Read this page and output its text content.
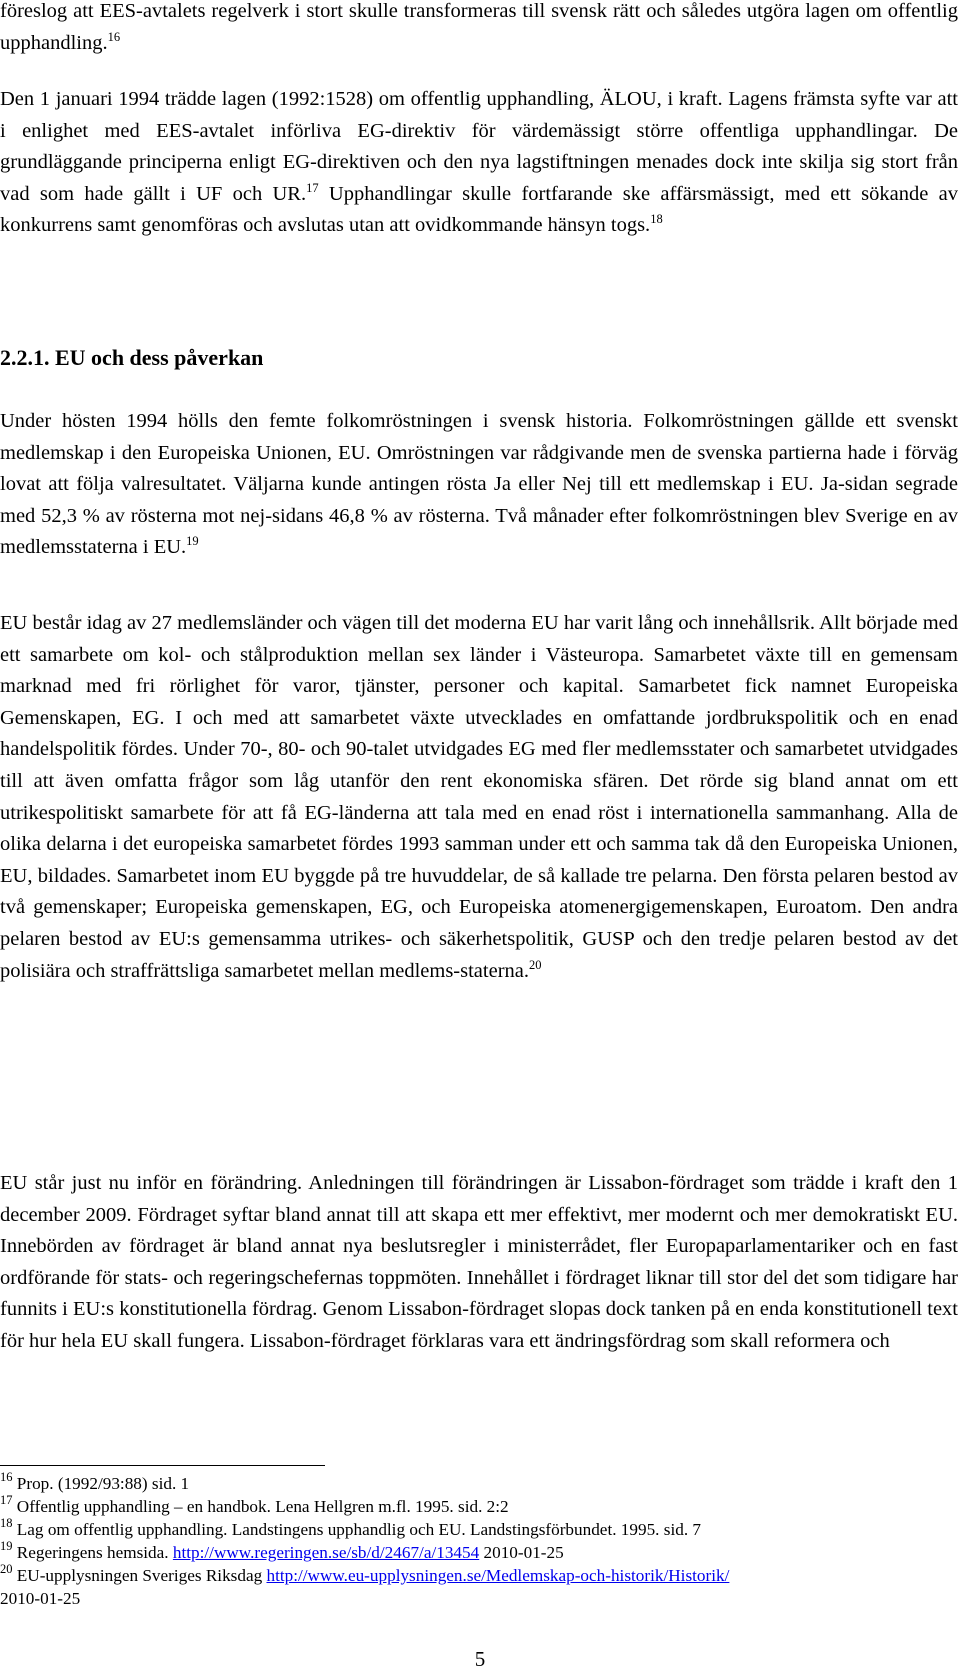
föreslog att EES-avtalets regelverk i stort skulle transformeras till svensk rätt och således utgöra lagen om offentlig upphandling.$^{16}$

Den 1 januari 1994 trädde lagen (1992:1528) om offentlig upphandling, ÄLOU, i kraft. Lagens främsta syfte var att i enlighet med EES-avtalet införliva EG-direktiv för värdemässigt större offentliga upphandlingar. De grundläggande principerna enligt EG-direktiven och den nya lagstiftningen menades dock inte skilja sig stort från vad som hade gällt i UF och UR.$^{17}$ Upphandlingar skulle fortfarande ske affärsmässigt, med ett sökande av konkurrens samt genomföras och avslutas utan att ovidkommande hänsyn togs.$^{18}$

2.2.1. EU och dess påverkan

Under hösten 1994 hölls den femte folkomröstningen i svensk historia. Folkomröstningen gällde ett svenskt medlemskap i den Europeiska Unionen, EU. Omröstningen var rådgivande men de svenska partierna hade i förväg lovat att följa valresultatet. Väljarna kunde antingen rösta Ja eller Nej till ett medlemskap i EU. Ja-sidan segrade med 52,3 % av rösterna mot nej-sidans 46,8 % av rösterna. Två månader efter folkomröstningen blev Sverige en av medlemsstaterna i EU.$^{19}$

EU består idag av 27 medlemsländer och vägen till det moderna EU har varit lång och innehållsrik. Allt började med ett samarbete om kol- och stålproduktion mellan sex länder i Västeuropa. Samarbetet växte till en gemensam marknad med fri rörlighet för varor, tjänster, personer och kapital. Samarbetet fick namnet Europeiska Gemenskapen, EG. I och med att samarbetet växte utvecklades en omfattande jordbrukspolitik och en enad handelspolitik fördes. Under 70-, 80- och 90-talet utvidgades EG med fler medlemsstater och samarbetet utvidgades till att även omfatta frågor som låg utanför den rent ekonomiska sfären. Det rörde sig bland annat om ett utrikespolitiskt samarbete för att få EG-länderna att tala med en enad röst i internationella sammanhang. Alla de olika delarna i det europeiska samarbetet fördes 1993 samman under ett och samma tak då den Europeiska Unionen, EU, bildades. Samarbetet inom EU byggde på tre huvuddelar, de så kallade tre pelarna. Den första pelaren bestod av två gemenskaper; Europeiska gemenskapen, EG, och Europeiska atomenergigemenskapen, Euroatom. Den andra pelaren bestod av EU:s gemensamma utrikes- och säkerhetspolitik, GUSP och den tredje pelaren bestod av det polisiära och straffrättsliga samarbetet mellan medlems-staterna.$^{20}$

EU står just nu inför en förändring. Anledningen till förändringen är Lissabon-fördraget som trädde i kraft den 1 december 2009. Fördraget syftar bland annat till att skapa ett mer effektivt, mer modernt och mer demokratiskt EU. Innebörden av fördraget är bland annat nya beslutsregler i ministerrådet, fler Europaparlamentariker och en fast ordförande för stats- och regeringschefernas toppmöten. Innehållet i fördraget liknar till stor del det som tidigare har funnits i EU:s konstitutionella fördrag. Genom Lissabon-fördraget slopas dock tanken på en enda konstitutionell text för hur hela EU skall fungera. Lissabon-fördraget förklaras vara ett ändringsfördrag som skall reformera och

$^{16}$ Prop. (1992/93:88) sid. 1

$^{17}$ Offentlig upphandling – en handbok. Lena Hellgren m.fl. 1995. sid. 2:2

$^{18}$ Lag om offentlig upphandling. Landstingens upphandlig och EU. Landstingsförbundet. 1995. sid. 7

$^{19}$ Regeringens hemsida. http://www.regeringen.se/sb/d/2467/a/13454 2010-01-25

$^{20}$ EU-upplysningen Sveriges Riksdag http://www.eu-upplysningen.se/Medlemskap-och-historik/Historik/
2010-01-25

5
